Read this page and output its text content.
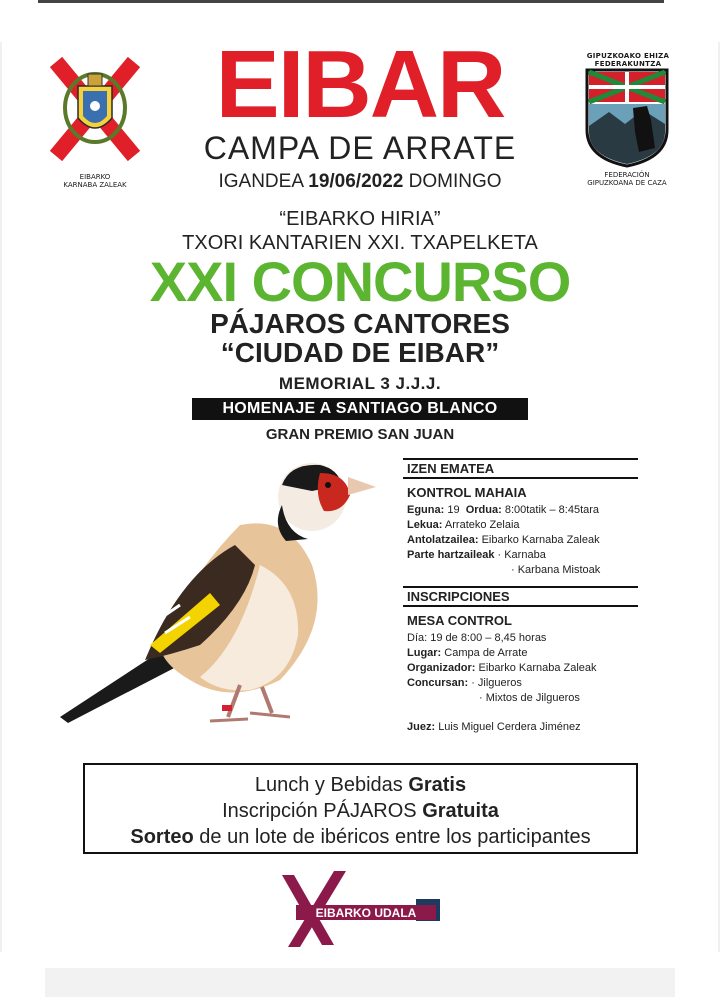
EIBARKO
KARNABA ZALEAK
EIBAR
CAMPA DE ARRATE
IGANDEA 19/06/2022 DOMINGO
GIPUZKOAKO EHIZA
FEDERAKUNTZA
FEDERACIÓN
GIPUZKOANA DE CAZA
“EIBARKO HIRIA”
TXORI KANTARIEN XXI. TXAPELKETA
XXI CONCURSO
PÁJAROS CANTORES
“CIUDAD DE EIBAR”
MEMORIAL 3 J.J.J.
HOMENAJE A SANTIAGO BLANCO
GRAN PREMIO SAN JUAN
IZEN EMATEA
KONTROL MAHAIA
Eguna: 19 Ordua: 8:00tatik – 8:45tara
Lekua: Arrateko Zelaia
Antolatzailea: Eibarko Karnaba Zaleak
Parte hartzaileak · Karnaba
· Karbana Mistoak
INSCRIPCIONES
MESA CONTROL
Día: 19 de 8:00 – 8,45 horas
Lugar: Campa de Arrate
Organizador: Eibarko Karnaba Zaleak
Concursan: · Jilgueros
· Mixtos de Jilgueros
Juez: Luis Miguel Cerdera Jiménez
Lunch y Bebidas Gratis
Inscripción PÁJAROS Gratuita
Sorteo de un lote de ibéricos entre los participantes
EIBARKO UDALA
